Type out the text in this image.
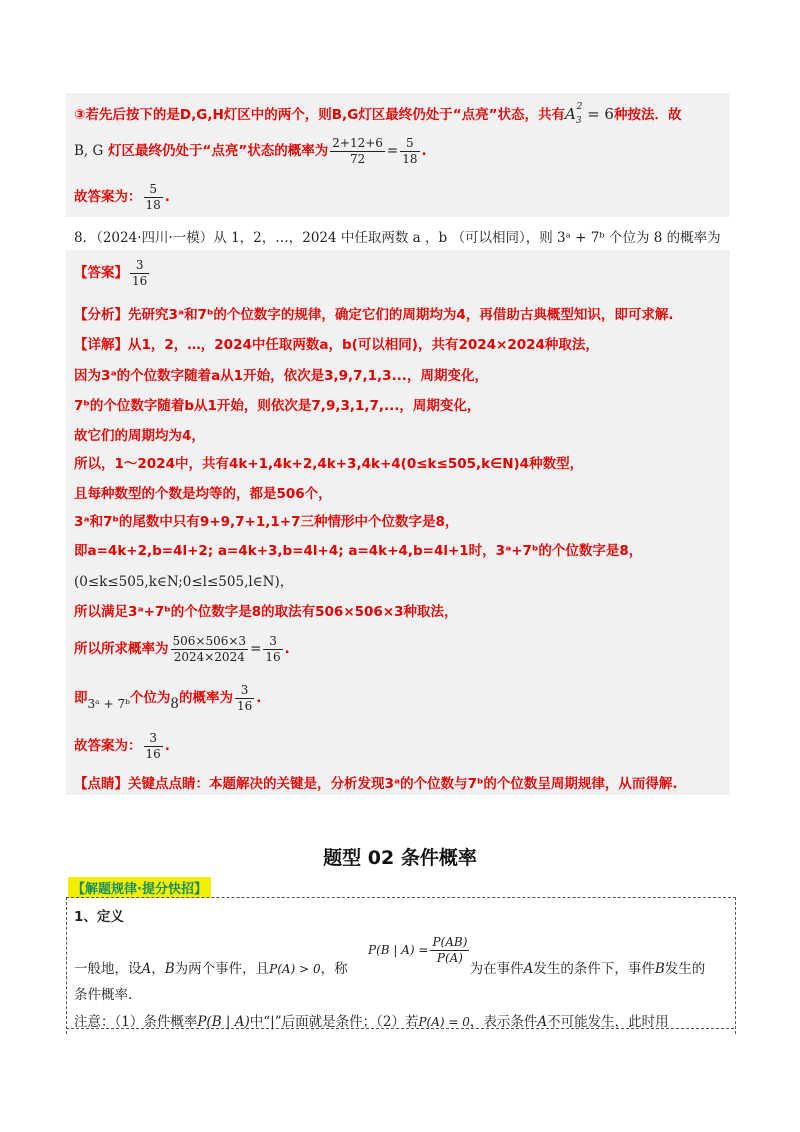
③若先后按下的是D,G,H灯区中的两个，则B,G灯区最终仍处于“点亮”状态，共有$A_3^2 = 6$种按法．故
B, G 灯区最终仍处于“点亮”状态的概率为 $\frac{2+12+6}{72} = \frac{5}{18}$ .
故答案为： $\frac{5}{18}$ .
8．（2024·四川·一模）从 1，2，…，2024 中任取两数 a ，b （可以相同），则 3ᵃ + 7ᵇ 个位为 8 的概率为
【答案】 $\frac{3}{16}$
【分析】先研究3ᵃ和7ᵇ的个位数字的规律，确定它们的周期均为4，再借助古典概型知识，即可求解.
【详解】从1，2，…，2024中任取两数a，b(可以相同)，共有2024×2024种取法，
因为3ᵃ的个位数字随着a从1开始，依次是3,9,7,1,3...，周期变化，
7ᵇ的个位数字随着b从1开始，则依次是7,9,3,1,7,...，周期变化，
故它们的周期均为4，
所以，1～2024中，共有4k+1,4k+2,4k+3,4k+4(0≤k≤505,k∈N)4种数型，
且每种数型的个数是均等的，都是506个，
3ᵃ和7ᵇ的尾数中只有9+9,7+1,1+7三种情形中个位数字是8，
即a=4k+2,b=4l+2; a=4k+3,b=4l+4; a=4k+4,b=4l+1时，3ᵃ+7ᵇ的个位数字是8，
(0≤k≤505,k∈N;0≤l≤505,l∈N)，
所以满足3ᵃ+7ᵇ的个位数字是8的取法有506×506×3种取法，
所以所求概率为 $\frac{506\times 506\times 3}{2024\times 2024} = \frac{3}{16}$ .
即3ᵃ + 7ᵇ个位为8的概率为 $\frac{3}{16}$ .
故答案为： $\frac{3}{16}$ .
【点睛】关键点点睛：本题解决的关键是，分析发现3ᵃ的个位数与7ᵇ的个位数呈周期规律，从而得解.
题型 02 条件概率
【解题规律·提分快招】
1、定义
P(B | $A) = \frac{P(AB)}{P(A)}$
一般地，设A，B为两个事件，且P(A) > 0，称	为在事件A发生的条件下，事件B发生的
条件概率.
注意：（1）条件概率P(B | A)中“|”后面就是条件；（2）若P(A) = 0，表示条件A不可能发生，此时用
